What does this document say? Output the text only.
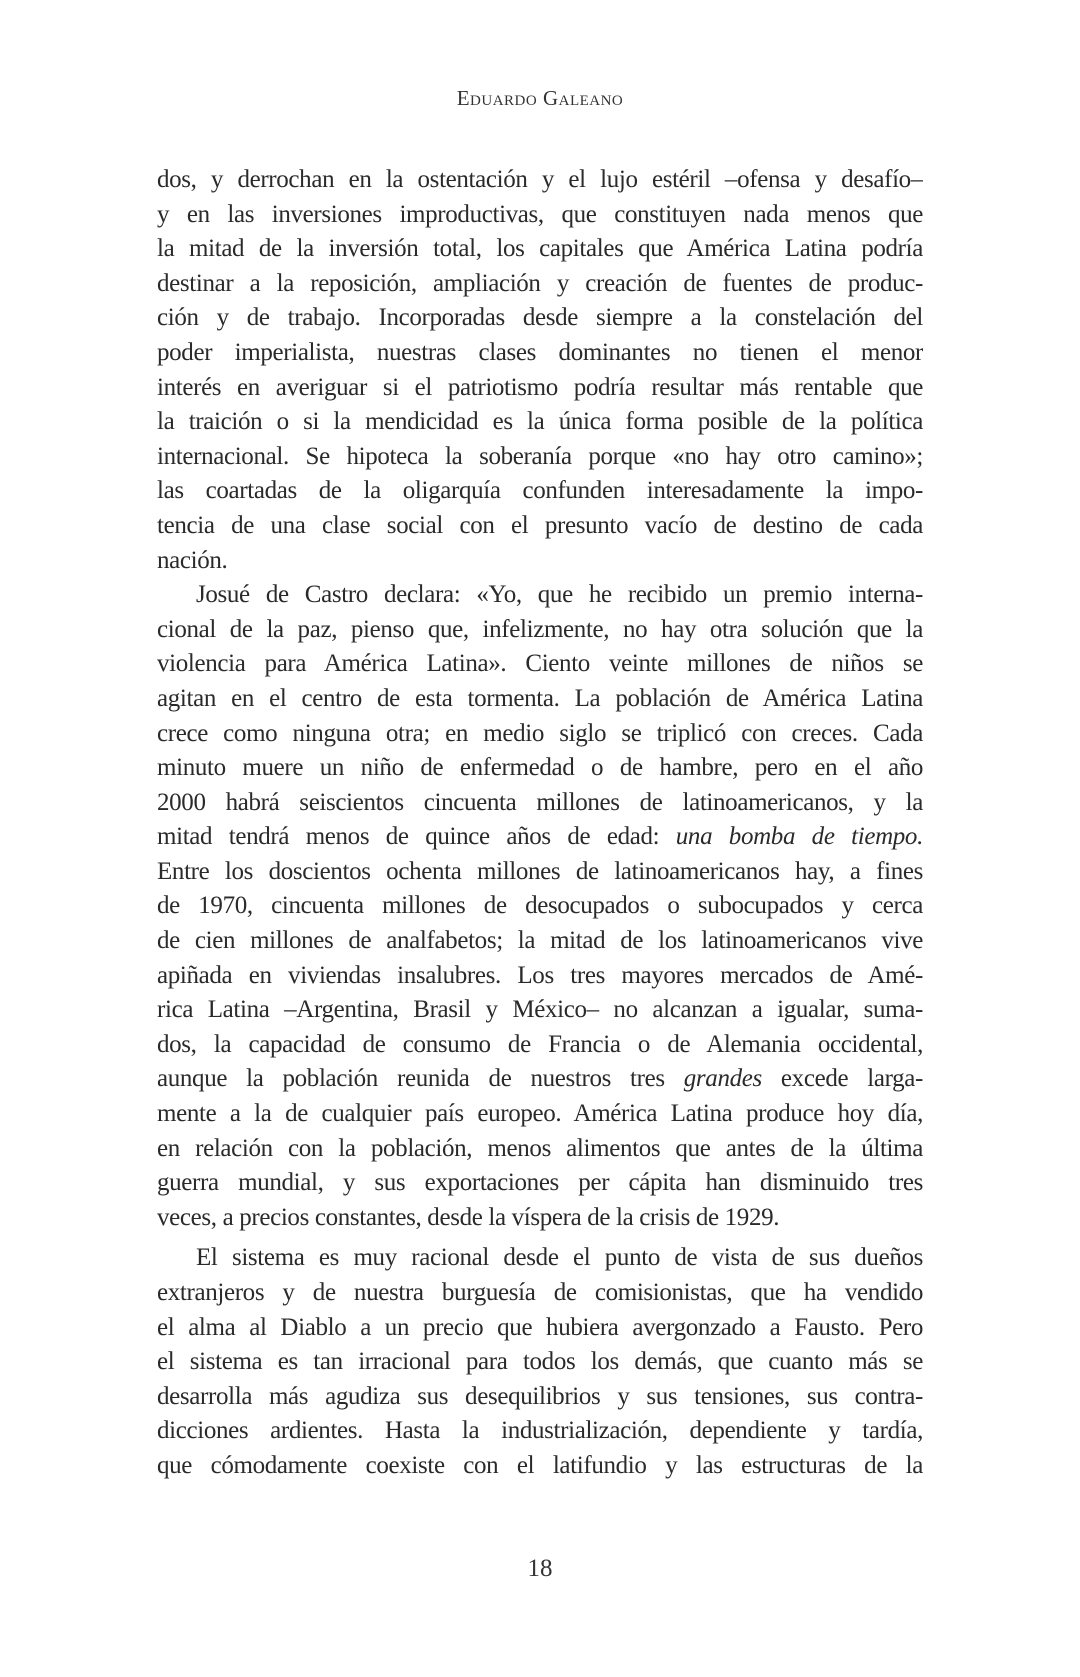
Eduardo Galeano
dos, y derrochan en la ostentación y el lujo estéril –ofensa y desafío–
y en las inversiones improductivas, que constituyen nada menos que
la mitad de la inversión total, los capitales que América Latina podría
destinar a la reposición, ampliación y creación de fuentes de produc-
ción y de trabajo. Incorporadas desde siempre a la constelación del
poder imperialista, nuestras clases dominantes no tienen el menor
interés en averiguar si el patriotismo podría resultar más rentable que
la traición o si la mendicidad es la única forma posible de la política
internacional. Se hipoteca la soberanía porque «no hay otro camino»;
las coartadas de la oligarquía confunden interesadamente la impo-
tencia de una clase social con el presunto vacío de destino de cada
nación.
Josué de Castro declara: «Yo, que he recibido un premio interna-
cional de la paz, pienso que, infelizmente, no hay otra solución que la
violencia para América Latina». Ciento veinte millones de niños se
agitan en el centro de esta tormenta. La población de América Latina
crece como ninguna otra; en medio siglo se triplicó con creces. Cada
minuto muere un niño de enfermedad o de hambre, pero en el año
2000 habrá seiscientos cincuenta millones de latinoamericanos, y la
mitad tendrá menos de quince años de edad: una bomba de tiempo.
Entre los doscientos ochenta millones de latinoamericanos hay, a fines
de 1970, cincuenta millones de desocupados o subocupados y cerca
de cien millones de analfabetos; la mitad de los latinoamericanos vive
apiñada en viviendas insalubres. Los tres mayores mercados de Amé-
rica Latina –Argentina, Brasil y México– no alcanzan a igualar, suma-
dos, la capacidad de consumo de Francia o de Alemania occidental,
aunque la población reunida de nuestros tres grandes excede larga-
mente a la de cualquier país europeo. América Latina produce hoy día,
en relación con la población, menos alimentos que antes de la última
guerra mundial, y sus exportaciones per cápita han disminuido tres
veces, a precios constantes, desde la víspera de la crisis de 1929.
El sistema es muy racional desde el punto de vista de sus dueños
extranjeros y de nuestra burguesía de comisionistas, que ha vendido
el alma al Diablo a un precio que hubiera avergonzado a Fausto. Pero
el sistema es tan irracional para todos los demás, que cuanto más se
desarrolla más agudiza sus desequilibrios y sus tensiones, sus contra-
dicciones ardientes. Hasta la industrialización, dependiente y tardía,
que cómodamente coexiste con el latifundio y las estructuras de la
18
